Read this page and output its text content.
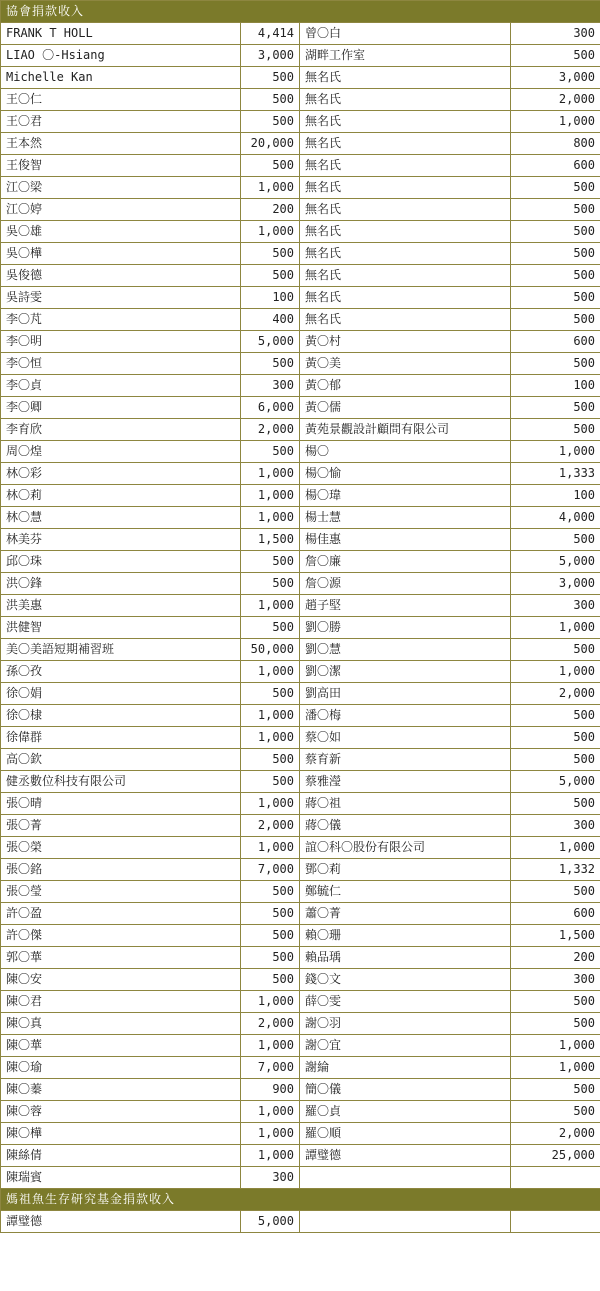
協會捐款收入			
FRANK T HOLL	4,414	曾〇白	300
LIAO 〇-Hsiang	3,000	湖畔工作室	500
Michelle Kan	500	無名氏	3,000
王〇仁	500	無名氏	2,000
王〇君	500	無名氏	1,000
王本然	20,000	無名氏	800
王俊智	500	無名氏	600
江〇梁	1,000	無名氏	500
江〇婷	200	無名氏	500
吳〇雄	1,000	無名氏	500
吳〇樺	500	無名氏	500
吳俊德	500	無名氏	500
吳詩雯	100	無名氏	500
李〇芃	400	無名氏	500
李〇明	5,000	黃〇村	600
李〇恒	500	黃〇美	500
李〇貞	300	黃〇郁	100
李〇卿	6,000	黃〇儒	500
李育欣	2,000	黃苑景觀設計顧問有限公司	500
周〇煌	500	楊〇	1,000
林〇彩	1,000	楊〇愉	1,333
林〇莉	1,000	楊〇瑋	100
林〇慧	1,000	楊士慧	4,000
林美芬	1,500	楊佳惠	500
邱〇珠	500	詹〇廉	5,000
洪〇鋒	500	詹〇源	3,000
洪美惠	1,000	趙子堅	300
洪健智	500	劉〇勝	1,000
美〇美語短期補習班	50,000	劉〇慧	500
孫〇孜	1,000	劉〇潔	1,000
徐〇娟	500	劉高田	2,000
徐〇棣	1,000	潘〇梅	500
徐偉群	1,000	蔡〇如	500
高〇欽	500	蔡育新	500
健丞數位科技有限公司	500	蔡雅瀅	5,000
張〇晴	1,000	蔣〇祖	500
張〇菁	2,000	蔣〇儀	300
張〇榮	1,000	誼〇科〇股份有限公司	1,000
張〇銘	7,000	鄧〇莉	1,332
張〇瑩	500	鄭毓仁	500
許〇盈	500	蕭〇菁	600
許〇傑	500	賴〇珊	1,500
郭〇華	500	賴品瑀	200
陳〇安	500	錢〇文	300
陳〇君	1,000	薛〇雯	500
陳〇真	2,000	謝〇羽	500
陳〇華	1,000	謝〇宜	1,000
陳〇瑜	7,000	謝綸	1,000
陳〇蓁	900	簡〇儀	500
陳〇蓉	1,000	羅〇貞	500
陳〇樺	1,000	羅〇順	2,000
陳絲倩	1,000	譚璧德	25,000
陳瑞賓	300		
媽祖魚生存研究基金捐款收入			
譚璧德	5,000		
